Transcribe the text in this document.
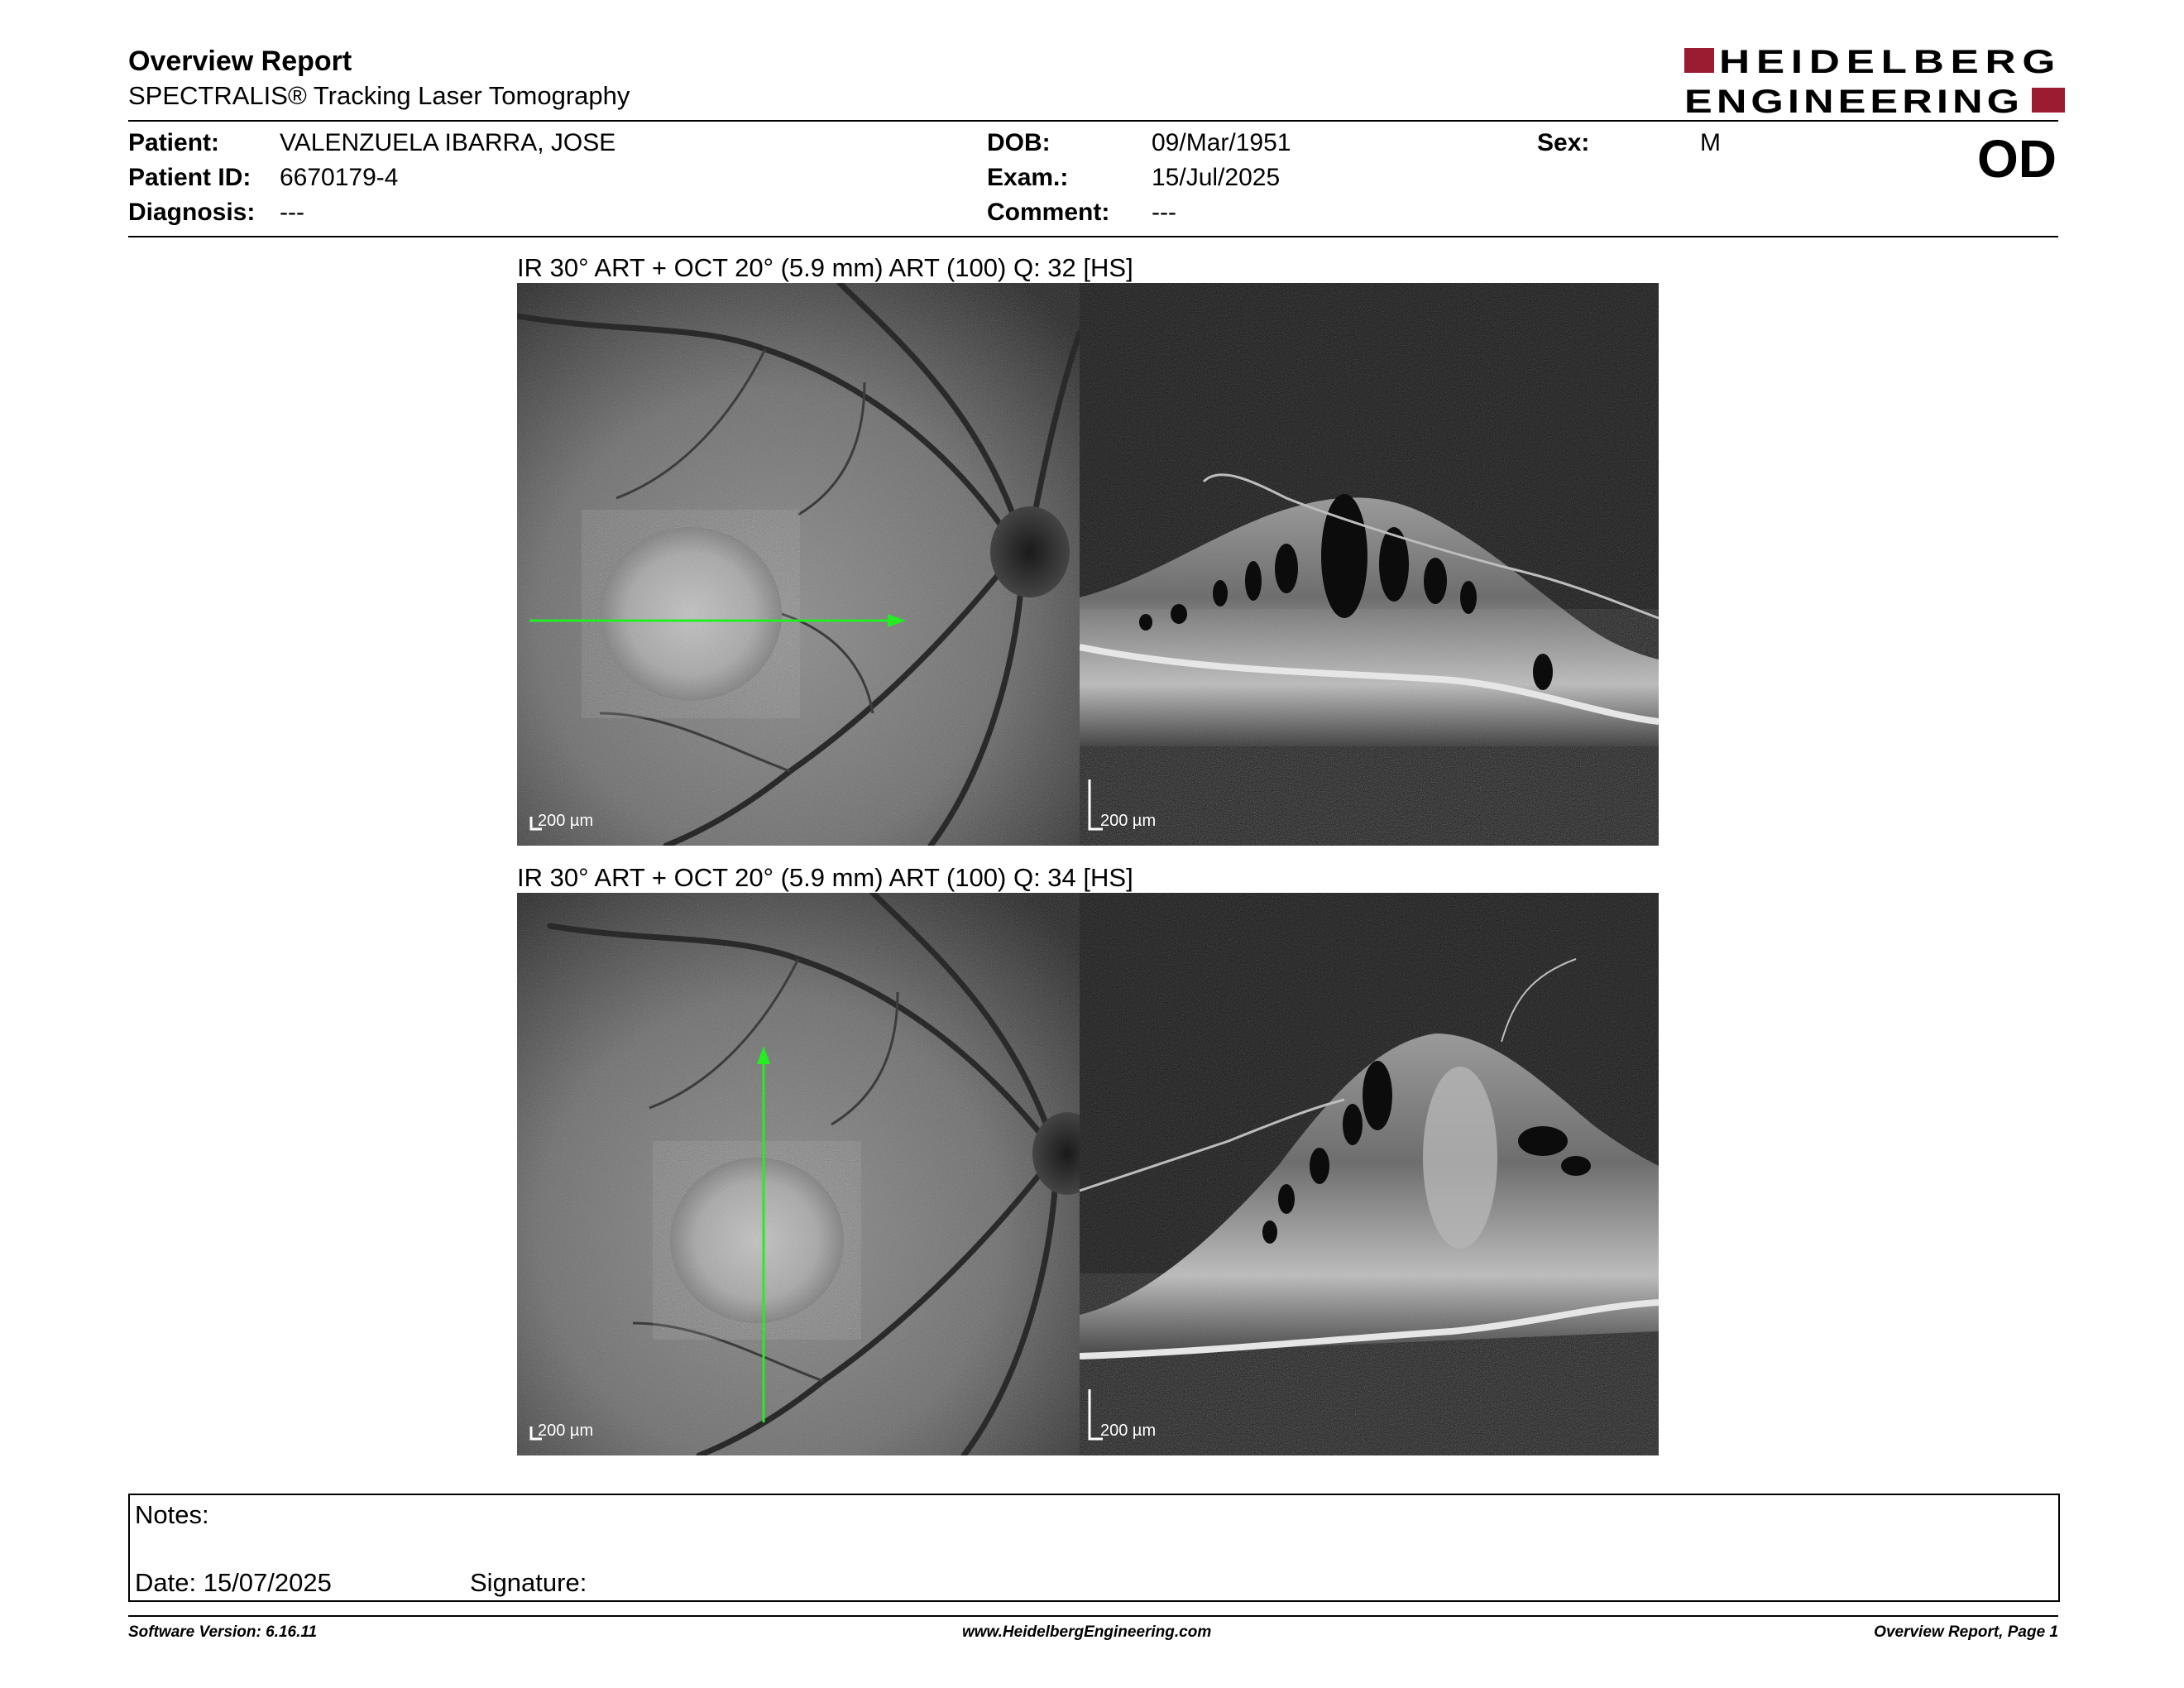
Overview Report
SPECTRALIS® Tracking Laser Tomography
HEIDELBERG
ENGINEERING
Patient: VALENZUELA IBARRA, JOSE
Patient ID: 6670179-4
Diagnosis: ---
DOB:	09/Mar/1951
Exam.:	15/Jul/2025
Comment: ---
Sex:	M	OD
IR 30° ART + OCT 20° (5.9 mm) ART (100) Q: 32 [HS]
200 µm	200 µm
IR 30° ART + OCT 20° (5.9 mm) ART (100) Q: 34 [HS]
200 µm	200 µm
Notes:
Date: 15/07/2025	Signature:
Software Version: 6.16.11	www.HeidelbergEngineering.com	Overview Report, Page 1
